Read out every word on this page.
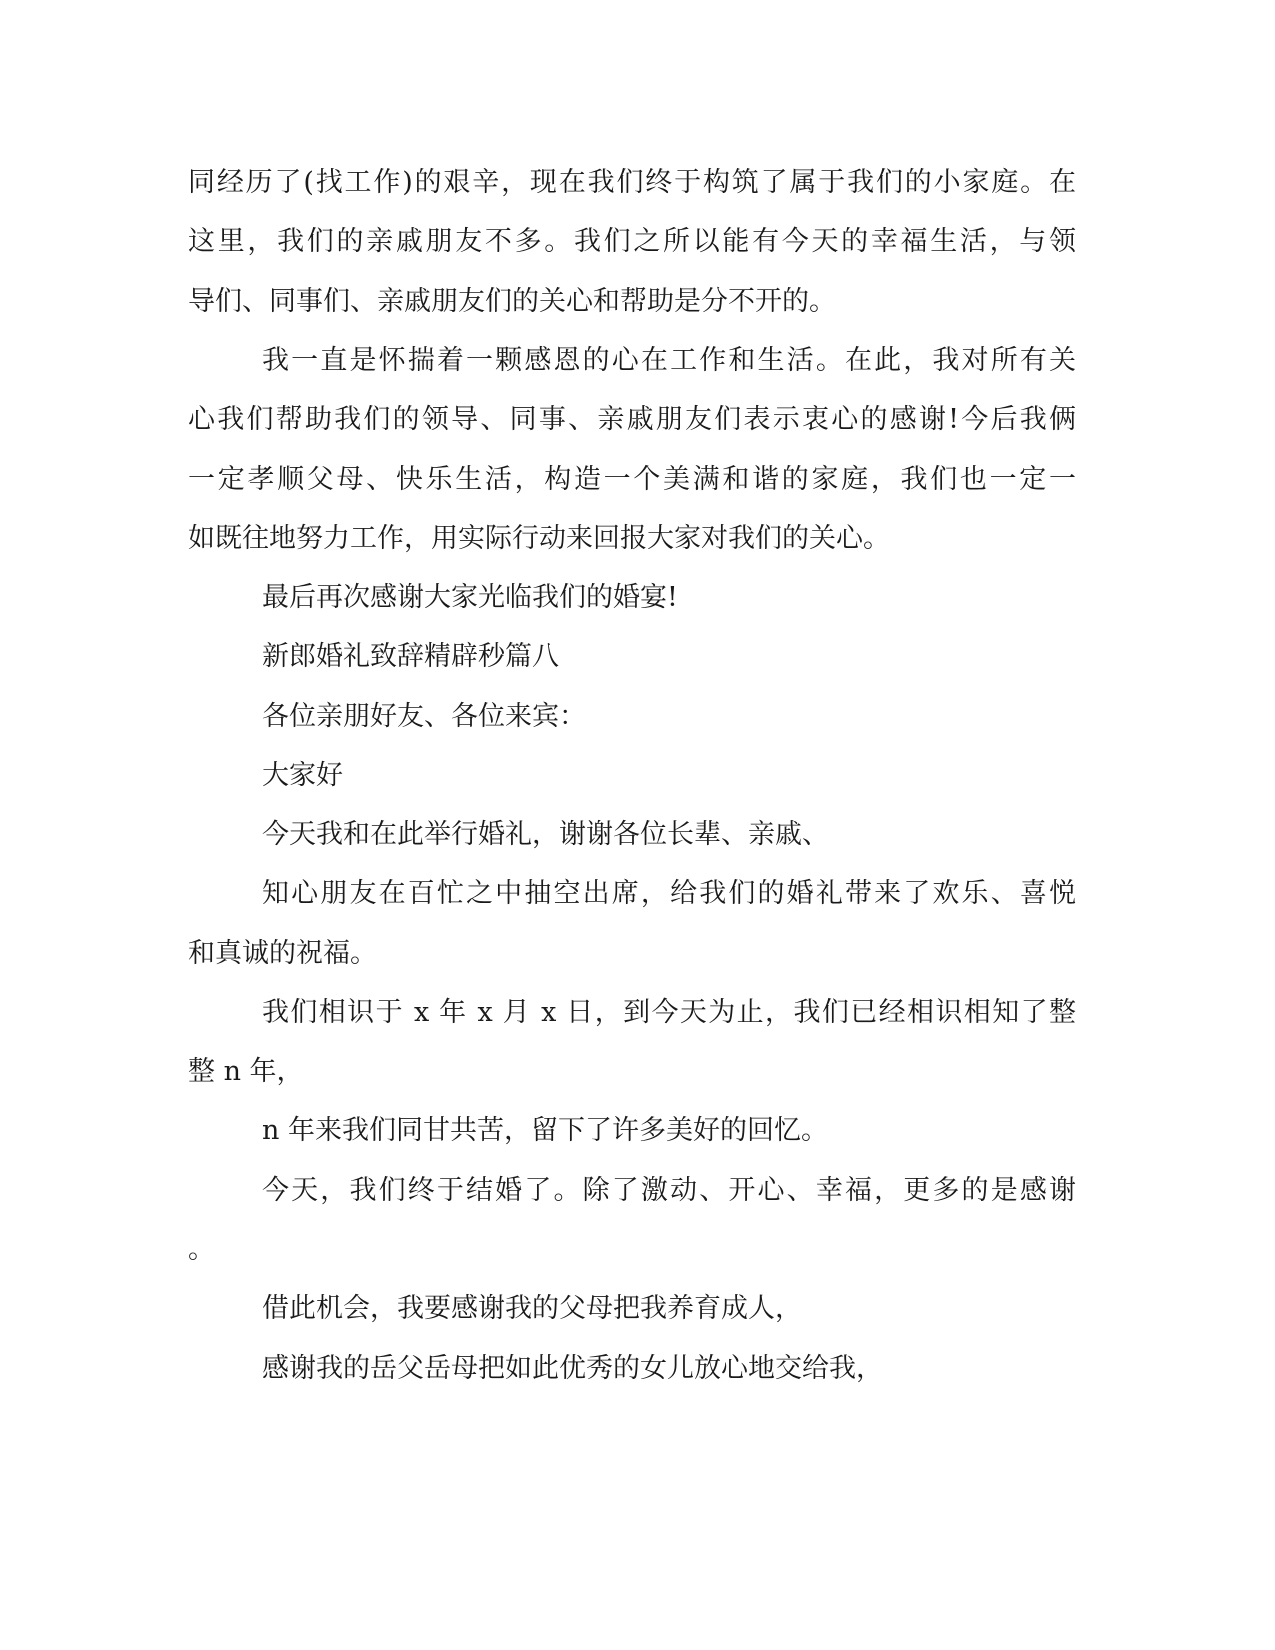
同经历了(找工作)的艰辛，现在我们终于构筑了属于我们的小家庭。在
这里，我们的亲戚朋友不多。我们之所以能有今天的幸福生活，与领
导们、同事们、亲戚朋友们的关心和帮助是分不开的。
我一直是怀揣着一颗感恩的心在工作和生活。在此，我对所有关
心我们帮助我们的领导、同事、亲戚朋友们表示衷心的感谢!今后我俩
一定孝顺父母、快乐生活，构造一个美满和谐的家庭，我们也一定一
如既往地努力工作，用实际行动来回报大家对我们的关心。
最后再次感谢大家光临我们的婚宴!
新郎婚礼致辞精辟秒篇八
各位亲朋好友、各位来宾：
大家好
今天我和在此举行婚礼，谢谢各位长辈、亲戚、
知心朋友在百忙之中抽空出席，给我们的婚礼带来了欢乐、喜悦
和真诚的祝福。
我们相识于 x 年 x 月 x 日，到今天为止，我们已经相识相知了整
整 n 年，
n 年来我们同甘共苦，留下了许多美好的回忆。
今天，我们终于结婚了。除了激动、开心、幸福，更多的是感谢
。
借此机会，我要感谢我的父母把我养育成人，
感谢我的岳父岳母把如此优秀的女儿放心地交给我，
